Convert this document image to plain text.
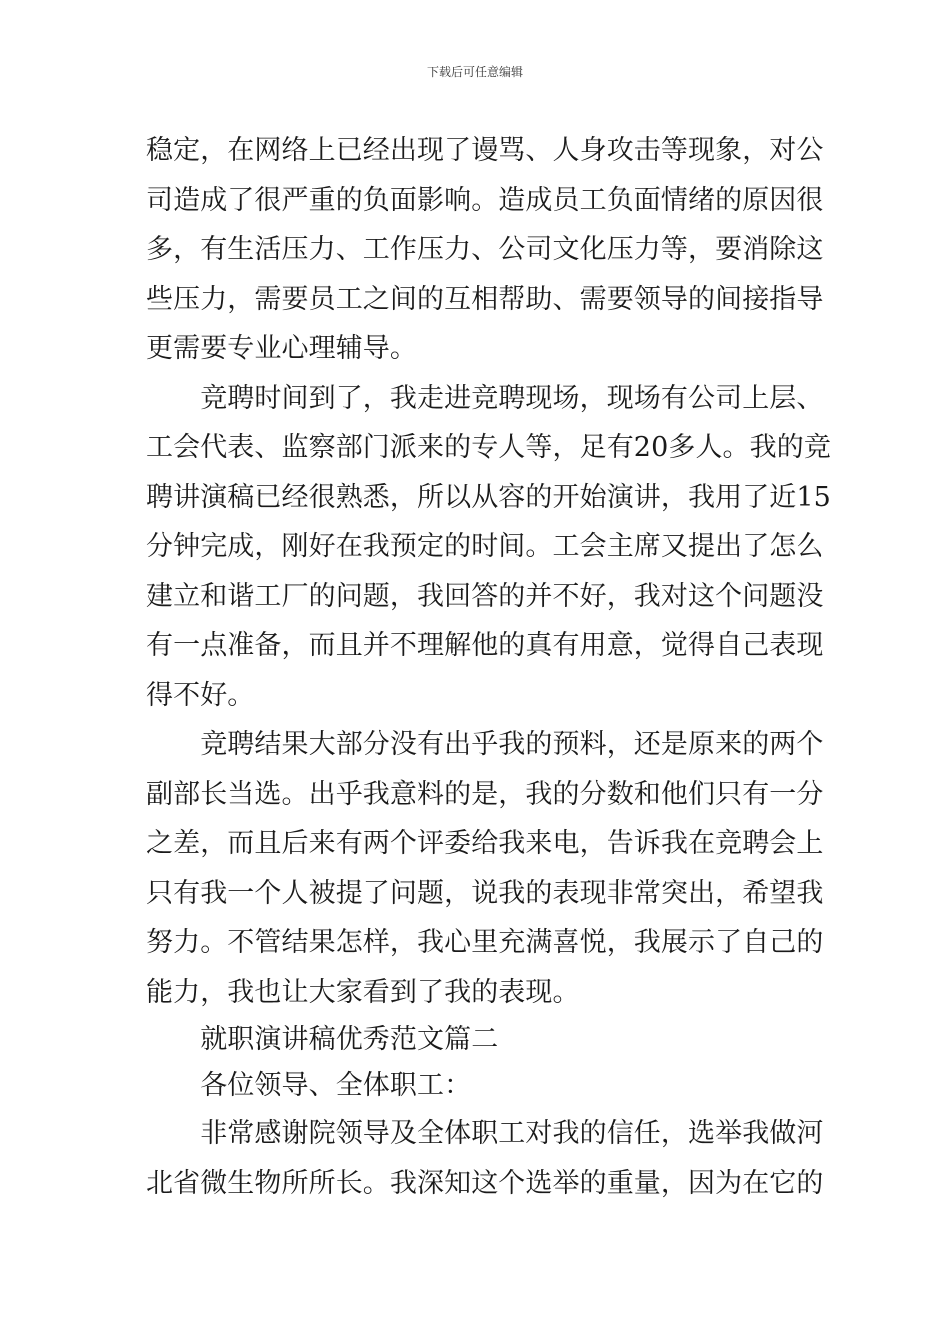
下载后可任意编辑
稳定，在网络上已经出现了谩骂、人身攻击等现象，对公
司造成了很严重的负面影响。造成员工负面情绪的原因很
多，有生活压力、工作压力、公司文化压力等，要消除这
些压力，需要员工之间的互相帮助、需要领导的间接指导
更需要专业心理辅导。
　　竞聘时间到了，我走进竞聘现场，现场有公司上层、
工会代表、监察部门派来的专人等，足有20多人。我的竞
聘讲演稿已经很熟悉，所以从容的开始演讲，我用了近15
分钟完成，刚好在我预定的时间。工会主席又提出了怎么
建立和谐工厂的问题，我回答的并不好，我对这个问题没
有一点准备，而且并不理解他的真有用意，觉得自己表现
得不好。
　　竞聘结果大部分没有出乎我的预料，还是原来的两个
副部长当选。出乎我意料的是，我的分数和他们只有一分
之差，而且后来有两个评委给我来电，告诉我在竞聘会上
只有我一个人被提了问题，说我的表现非常突出，希望我
努力。不管结果怎样，我心里充满喜悦，我展示了自己的
能力，我也让大家看到了我的表现。
　　就职演讲稿优秀范文篇二
　　各位领导、全体职工：
　　非常感谢院领导及全体职工对我的信任，选举我做河
北省微生物所所长。我深知这个选举的重量，因为在它的
